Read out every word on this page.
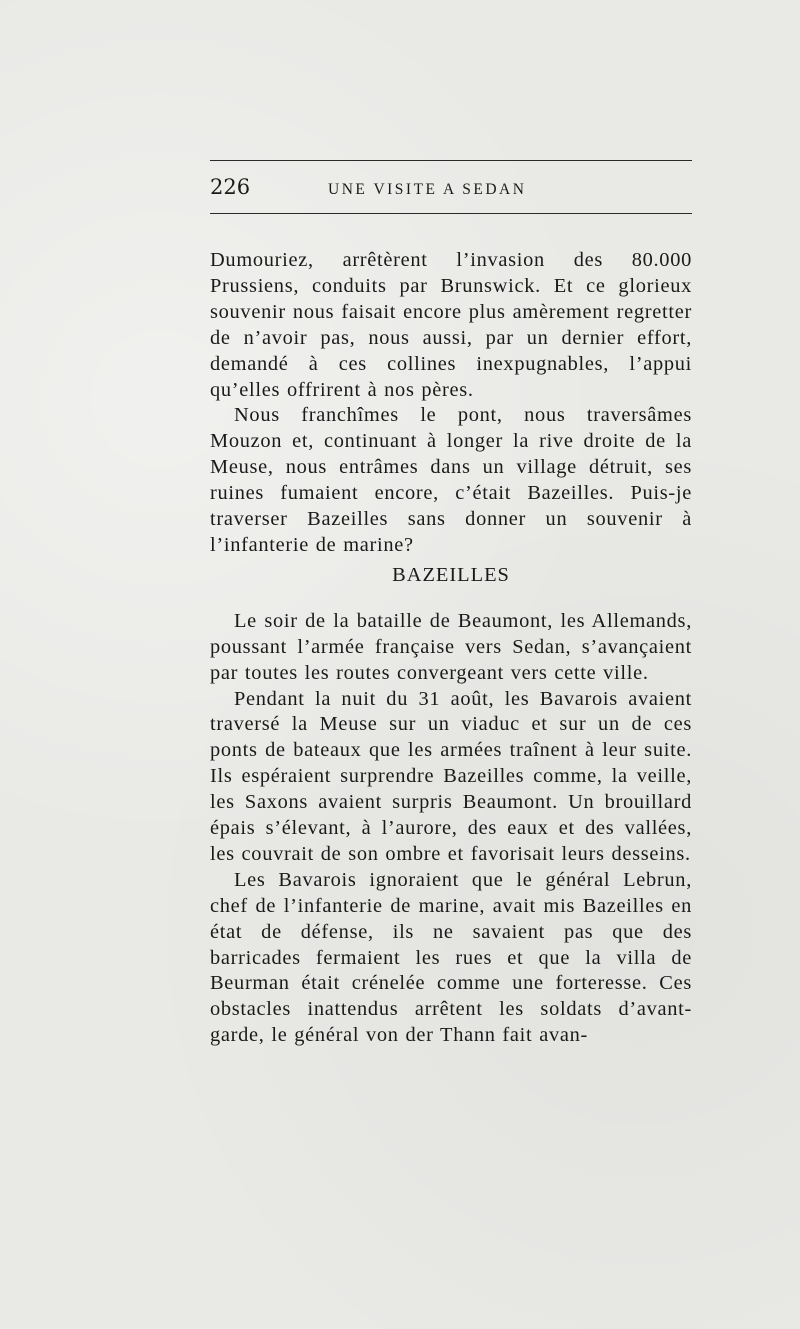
226	UNE VISITE A SEDAN

Dumouriez, arrêtèrent l’invasion des 80.000 Prussiens, conduits par Brunswick. Et ce glorieux souvenir nous faisait encore plus amèrement regretter de n’avoir pas, nous aussi, par un dernier effort, demandé à ces collines inexpugnables, l’appui qu’elles offrirent à nos pères.

Nous franchîmes le pont, nous traversâmes Mouzon et, continuant à longer la rive droite de la Meuse, nous entrâmes dans un village détruit, ses ruines fumaient encore, c’était Bazeilles. Puis-je traverser Bazeilles sans donner un souvenir à l’infanterie de marine?

BAZEILLES

Le soir de la bataille de Beaumont, les Allemands, poussant l’armée française vers Sedan, s’avançaient par toutes les routes convergeant vers cette ville.

Pendant la nuit du 31 août, les Bavarois avaient traversé la Meuse sur un viaduc et sur un de ces ponts de bateaux que les armées traînent à leur suite. Ils espéraient surprendre Bazeilles comme, la veille, les Saxons avaient surpris Beaumont. Un brouillard épais s’élevant, à l’aurore, des eaux et des vallées, les couvrait de son ombre et favorisait leurs desseins.

Les Bavarois ignoraient que le général Lebrun, chef de l’infanterie de marine, avait mis Bazeilles en état de défense, ils ne savaient pas que des barricades fermaient les rues et que la villa de Beurman était crénelée comme une forteresse. Ces obstacles inattendus arrêtent les soldats d’avant-garde, le général von der Thann fait avan-
